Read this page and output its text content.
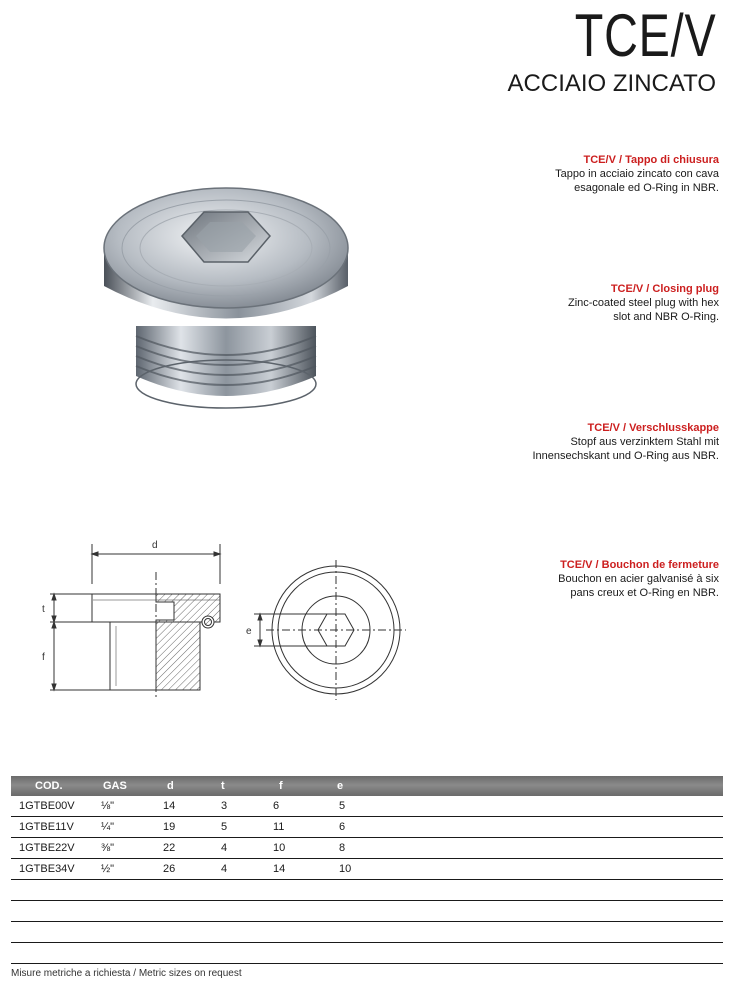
TCE/V
ACCIAIO ZINCATO
TCE/V / Tappo di chiusura
Tappo in acciaio zincato con cava
esagonale ed O-Ring in NBR.
TCE/V / Closing plug
Zinc-coated steel plug with hex
slot and NBR O-Ring.
TCE/V / Verschlusskappe
Stopf aus verzinktem Stahl mit
Innensechskant und O-Ring aus NBR.
TCE/V / Bouchon de fermeture
Bouchon en acier galvanisé à six
pans creux et O-Ring en NBR.
d
t
f
e
COD.	GAS	d	t	f	e
1GTBE00V ⅛"	14	3	6	5
1GTBE11V ¼"	19	5	11	6
1GTBE22V ⅜"	22	4	10	8
1GTBE34V ½"	26	4	14	10
Misure metriche a richiesta / Metric sizes on request
